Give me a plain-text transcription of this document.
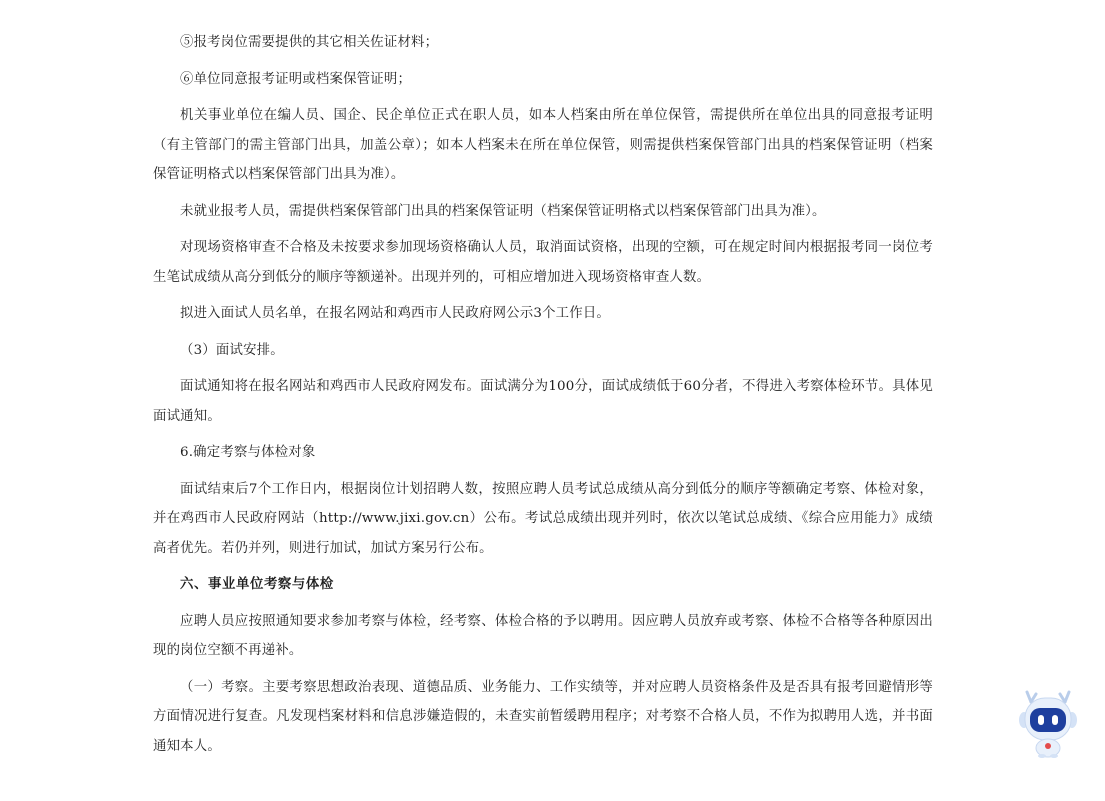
⑤报考岗位需要提供的其它相关佐证材料；

⑥单位同意报考证明或档案保管证明；

机关事业单位在编人员、国企、民企单位正式在职人员，如本人档案由所在单位保管，需提供所在单位出具的同意报考证明（有主管部门的需主管部门出具，加盖公章）；如本人档案未在所在单位保管，则需提供档案保管部门出具的档案保管证明（档案保管证明格式以档案保管部门出具为准）。

未就业报考人员，需提供档案保管部门出具的档案保管证明（档案保管证明格式以档案保管部门出具为准）。

对现场资格审查不合格及未按要求参加现场资格确认人员，取消面试资格，出现的空额，可在规定时间内根据报考同一岗位考生笔试成绩从高分到低分的顺序等额递补。出现并列的，可相应增加进入现场资格审查人数。

拟进入面试人员名单，在报名网站和鸡西市人民政府网公示3个工作日。

（3）面试安排。

面试通知将在报名网站和鸡西市人民政府网发布。面试满分为100分，面试成绩低于60分者，不得进入考察体检环节。具体见面试通知。

6.确定考察与体检对象

面试结束后7个工作日内，根据岗位计划招聘人数，按照应聘人员考试总成绩从高分到低分的顺序等额确定考察、体检对象，并在鸡西市人民政府网站（http://www.jixi.gov.cn）公布。考试总成绩出现并列时，依次以笔试总成绩、《综合应用能力》成绩高者优先。若仍并列，则进行加试，加试方案另行公布。

六、事业单位考察与体检

应聘人员应按照通知要求参加考察与体检，经考察、体检合格的予以聘用。因应聘人员放弃或考察、体检不合格等各种原因出现的岗位空额不再递补。

（一）考察。主要考察思想政治表现、道德品质、业务能力、工作实绩等，并对应聘人员资格条件及是否具有报考回避情形等方面情况进行复查。凡发现档案材料和信息涉嫌造假的，未查实前暂缓聘用程序；对考察不合格人员，不作为拟聘用人选，并书面通知本人。
